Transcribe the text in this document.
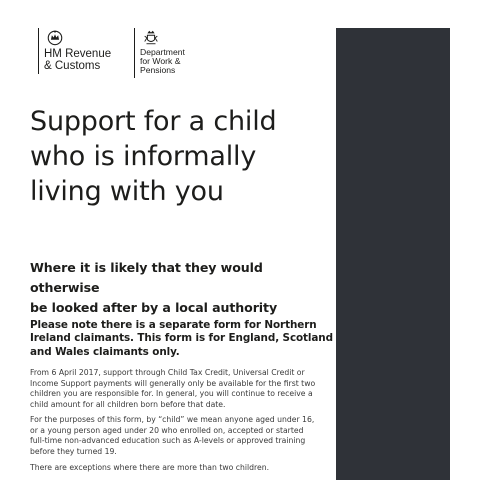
HM Revenue
& Customs
Department
for Work &
Pensions
Support for a child
who is informally
living with you
Where it is likely that they would otherwise
be looked after by a local authority
Please note there is a separate form for Northern
Ireland claimants. This form is for England, Scotland
and Wales claimants only.
From 6 April 2017, support through Child Tax Credit, Universal Credit or
Income Support payments will generally only be available for the first two
children you are responsible for. In general, you will continue to receive a
child amount for all children born before that date.
For the purposes of this form, by “child” we mean anyone aged under 16,
or a young person aged under 20 who enrolled on, accepted or started
full-time non-advanced education such as A-levels or approved training
before they turned 19.
There are exceptions where there are more than two children.
